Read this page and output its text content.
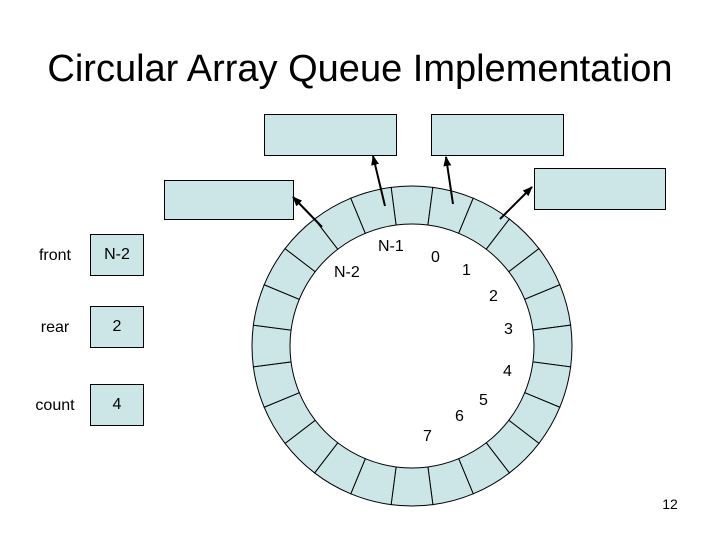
Circular Array Queue Implementation
front	N-2
rear	2
count	4
N-1
0
1
2
3
4
5
6
7
N-2
12
